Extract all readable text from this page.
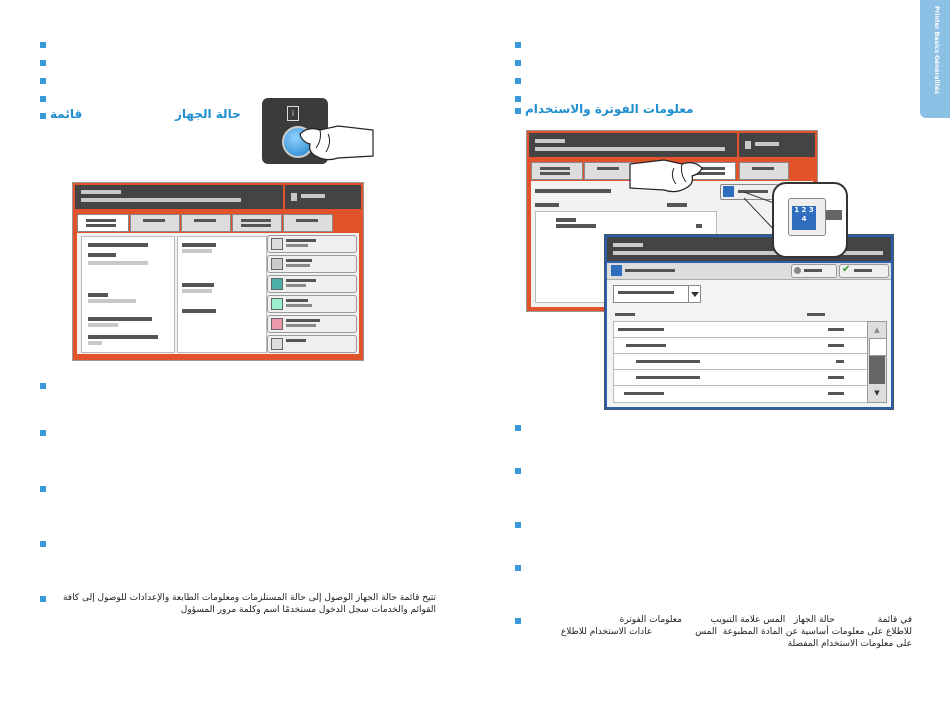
Printer Basics Généralités
قائمة	حالة الجهاز	i
تتيح قائمة حالة الجهاز الوصول إلى حالة المستلزمات ومعلومات الطابعة والإعدادات للوصول إلى كافة
القوائم والخدمات سجل الدخول مستخدمًا اسم وكلمة مرور المسؤول
معلومات الفوترة والاستخدام
✔
▲
▼
1 2 3 4
في قائمة               حالة الجهاز   المس علامة التبويب          معلومات الفوترة
للاطلاع على معلومات أساسية عن المادة المطبوعة  المس               عادات الاستخدام للاطلاع
على معلومات الاستخدام المفصلة
